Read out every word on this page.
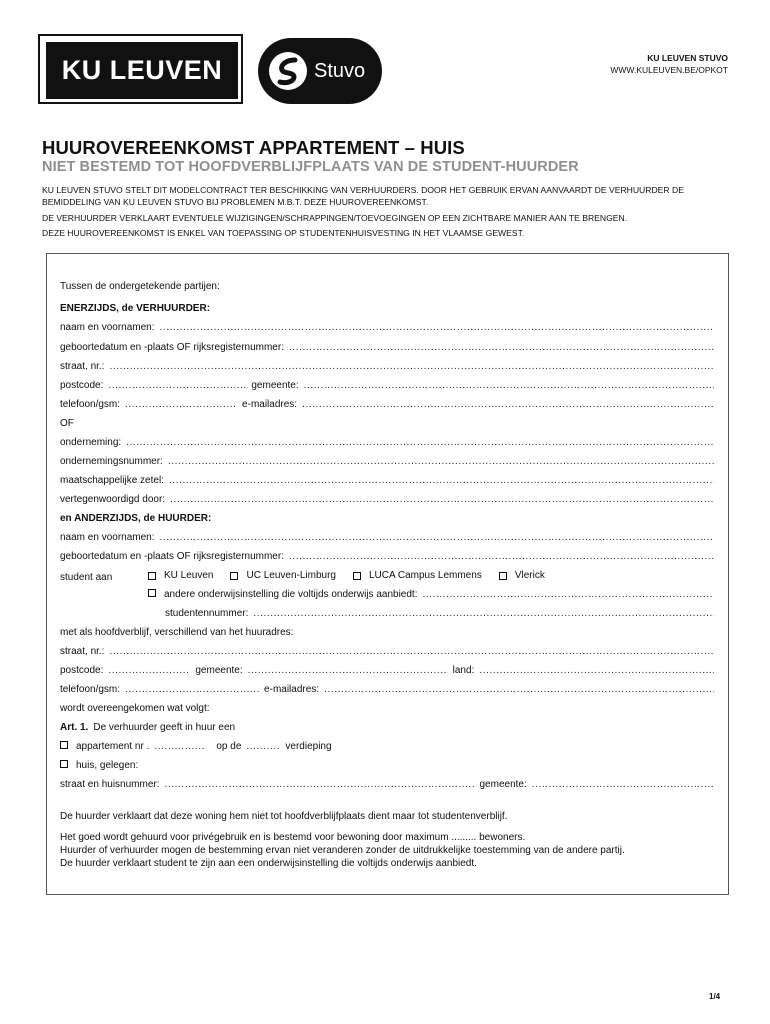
KU LEUVEN	Stuvo
KU LEUVEN STUVO
WWW.KULEUVEN.BE/OPKOT
HUUROVEREENKOMST APPARTEMENT – HUIS
NIET BESTEMD TOT HOOFDVERBLIJFPLAATS VAN DE STUDENT-HUURDER

KU LEUVEN STUVO STELT DIT MODELCONTRACT TER BESCHIKKING VAN VERHUURDERS. DOOR HET GEBRUIK ERVAN AANVAARDT DE VERHUURDER DE BEMIDDELING VAN KU LEUVEN STUVO BIJ PROBLEMEN M.B.T. DEZE HUUROVEREENKOMST.

DE VERHUURDER VERKLAART EVENTUELE WIJZIGINGEN/SCHRAPPINGEN/TOEVOEGINGEN OP EEN ZICHTBARE MANIER AAN TE BRENGEN.

DEZE HUUROVEREENKOMST IS ENKEL VAN TOEPASSING OP STUDENTENHUISVESTING IN HET VLAAMSE GEWEST.

Tussen de ondergetekende partijen:
ENERZIJDS, de VERHUURDER:
naam en voornamen:
.....
geboortedatum en -plaats OF rijksregisternummer:
.....
straat, nr.:
.....
postcode: .....	gemeente:
.....
telefoon/gsm: .....	e-mailadres:
.....
OF
onderneming:
.....
ondernemingsnummer:
.....
maatschappelijke zetel:
.....
vertegenwoordigd door:
.....
en ANDERZIJDS, de HUURDER:
naam en voornamen:
.....
geboortedatum en -plaats OF rijksregisternummer:
.....
student aan	KU Leuven	UC Leuven-Limburg	LUCA Campus Lemmens	Vlerick
andere onderwijsinstelling die voltijds onderwijs aanbiedt:
.....
studentennummer:
.....
met als hoofdverblijf, verschillend van het huuradres:
straat, nr.:
.....
postcode: .....	gemeente: .....	land:
.....
telefoon/gsm: .....	e-mailadres:
.....
wordt overeengekomen wat volgt:
Art. 1. De verhuurder geeft in huur een
appartement nr . .....	op de .....	verdieping
huis, gelegen:
straat en huisnummer: .....	gemeente:
.....
De huurder verklaart dat deze woning hem niet tot hoofdverblijfplaats dient maar tot studentenverblijf.
Het goed wordt gehuurd voor privégebruik en is bestemd voor bewoning door maximum ......... bewoners.
Huurder of verhuurder mogen de bestemming ervan niet veranderen zonder de uitdrukkelijke toestemming van de andere partij.
De huurder verklaart student te zijn aan een onderwijsinstelling die voltijds onderwijs aanbiedt.
1/4
